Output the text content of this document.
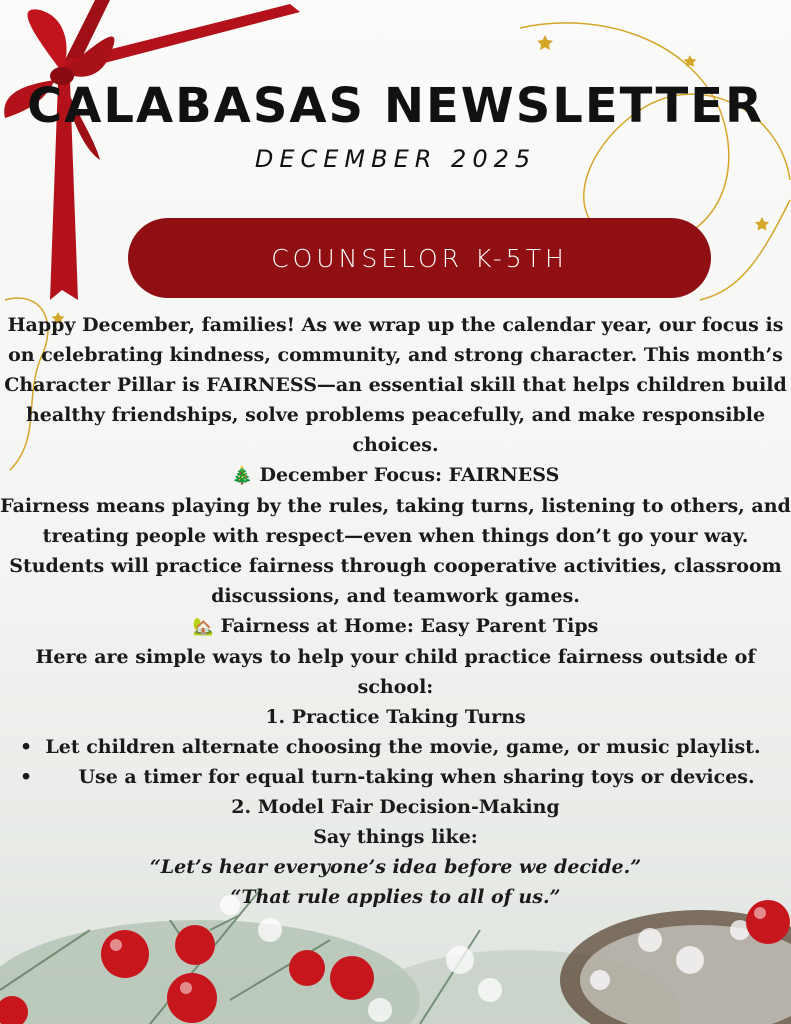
CALABASAS NEWSLETTER
DECEMBER 2025
COUNSELOR K-5TH

Happy December, families! As we wrap up the calendar year, our focus is on celebrating kindness, community, and strong character. This month’s Character Pillar is FAIRNESS—an essential skill that helps children build healthy friendships, solve problems peacefully, and make responsible choices.

🎄 December Focus: FAIRNESS

Fairness means playing by the rules, taking turns, listening to others, and treating people with respect—even when things don’t go your way.

Students will practice fairness through cooperative activities, classroom discussions, and teamwork games.

🏡 Fairness at Home: Easy Parent Tips

Here are simple ways to help your child practice fairness outside of school:

1. Practice Taking Turns

•  Let children alternate choosing the movie, game, or music playlist.

•       Use a timer for equal turn-taking when sharing toys or devices.

2. Model Fair Decision-Making

Say things like:

“Let’s hear everyone’s idea before we decide.”

“That rule applies to all of us.”
